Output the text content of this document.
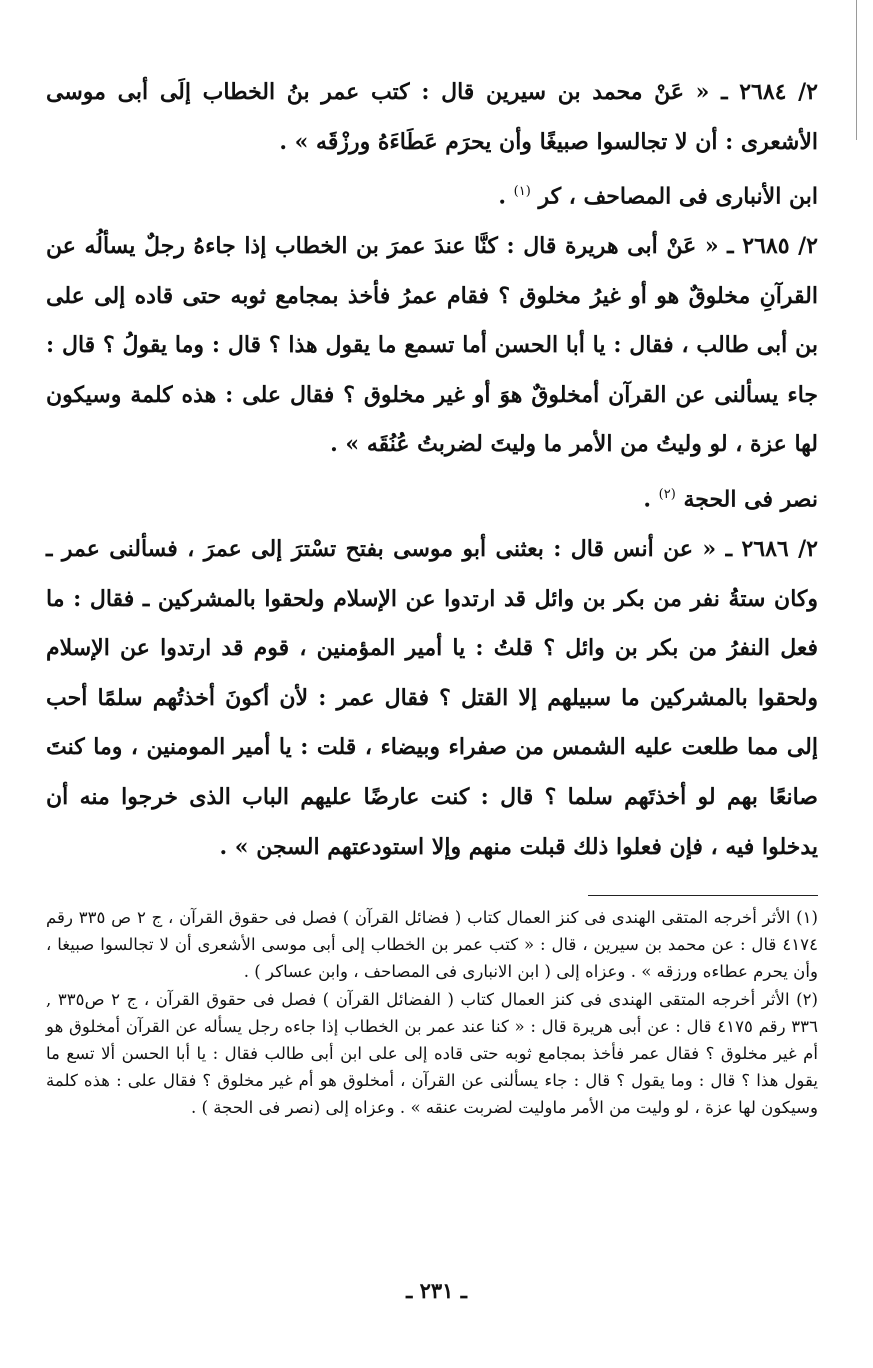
٢/ ٢٦٨٤ ـ « عَنْ محمد بن سيرين قال : كتب عمر بنُ الخطاب إلَى أبى موسى الأشعرى : أن لا تجالسوا صبيغًا وأن يحرَم عَطَاءَهُ ورزْقَه » .

ابن الأنبارى فى المصاحف ، كر $^{(١)}$ .

٢/ ٢٦٨٥ ـ « عَنْ أبى هريرة قال : كنَّا عندَ عمرَ بن الخطاب إذا جاءهُ رجلٌ يسألُه عن القرآنِ مخلوقٌ هو أو غيرُ مخلوق ؟ فقام عمرُ فأخذ بمجامع ثوبه حتى قاده إلى على بن أبى طالب ، فقال : يا أبا الحسن أما تسمع ما يقول هذا ؟ قال : وما يقولُ ؟ قال : جاء يسألنى عن القرآن أمخلوقٌ هوَ أو غير مخلوق ؟ فقال على : هذه كلمة وسيكون لها عزة ، لو وليتُ من الأمر ما وليتَ لضربتُ عُنُقَه » .

نصر فى الحجة $^{(٢)}$ .

٢/ ٢٦٨٦ ـ « عن أنس قال : بعثنى أبو موسى بفتح تسْترَ إلى عمرَ ، فسألنى عمر ـ وكان ستةُ نفر من بكر بن وائل قد ارتدوا عن الإسلام ولحقوا بالمشركين ـ فقال : ما فعل النفرُ من بكر بن وائل ؟ قلتُ : يا أمير المؤمنين ، قوم قد ارتدوا عن الإسلام ولحقوا بالمشركين ما سبيلهم إلا القتل ؟ فقال عمر : لأن أكونَ أخذتُهم سلمًا أحب إلى مما طلعت عليه الشمس من صفراء وبيضاء ، قلت : يا أمير المومنين ، وما كنتَ صانعًا بهم لو أخذتَهم سلما ؟ قال : كنت عارضًا عليهم الباب الذى خرجوا منه أن يدخلوا فيه ، فإن فعلوا ذلك قبلت منهم وإلا استودعتهم السجن » .

(١) الأثر أخرجه المتقى الهندى فى كنز العمال كتاب ( فضائل القرآن ) فصل فى حقوق القرآن ، ج ٢ ص ٣٣٥ رقم ٤١٧٤ قال : عن محمد بن سيرين ، قال : « كتب عمر بن الخطاب إلى أبى موسى الأشعرى أن لا تجالسوا صبيغا ، وأن يحرم عطاءه ورزقه » . وعزاه إلى ( ابن الانبارى فى المصاحف ، وابن عساكر ) .

(٢) الأثر أخرجه المتقى الهندى فى كنز العمال كتاب ( الفضائل القرآن ) فصل فى حقوق القرآن ، ج ٢ ص٣٣٥ , ٣٣٦ رقم ٤١٧٥ قال : عن أبى هريرة قال : « كنا عند عمر بن الخطاب إذا جاءه رجل يسأله عن القرآن أمخلوق هو أم غير مخلوق ؟ فقال عمر فأخذ بمجامع ثوبه حتى قاده إلى على ابن أبى طالب فقال : يا أبا الحسن ألا تسع ما يقول هذا ؟ قال : وما يقول ؟ قال : جاء يسألنى عن القرآن ، أمخلوق هو أم غير مخلوق ؟ فقال على : هذه كلمة وسيكون لها عزة ، لو وليت من الأمر ماوليت لضربت عنقه » . وعزاه إلى (نصر فى الحجة ) .

ـ ٢٣١ ـ
